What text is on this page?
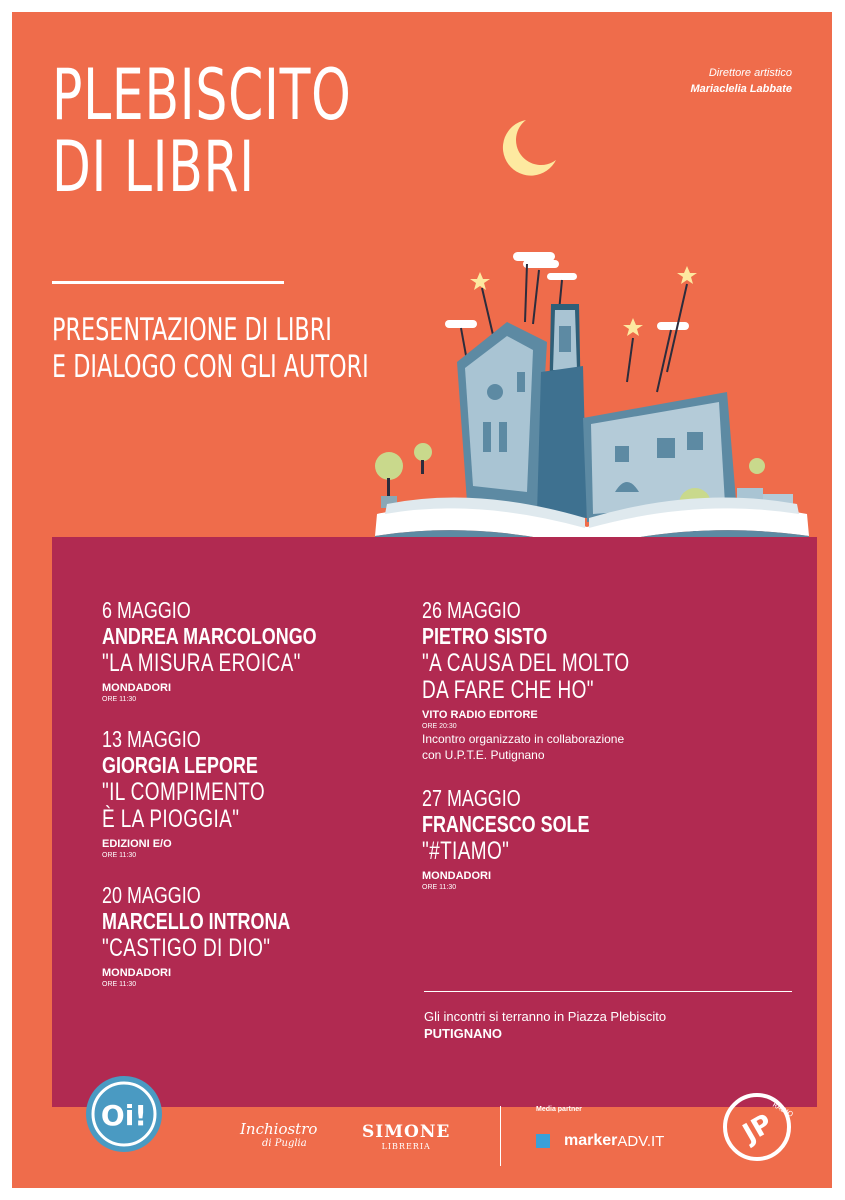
PLEBISCITO
DI LIBRI
PRESENTAZIONE DI LIBRI
E DIALOGO CON GLI AUTORI
Direttore artistico
Mariaclelia Labbate
6 MAGGIO
ANDREA MARCOLONGO
"LA MISURA EROICA"
MONDADORI
ORE 11:30
13 MAGGIO
GIORGIA LEPORE
"IL COMPIMENTO
È LA PIOGGIA"
EDIZIONI E/O
ORE 11:30
20 MAGGIO
MARCELLO INTRONA
"CASTIGO DI DIO"
MONDADORI
ORE 11:30
26 MAGGIO
PIETRO SISTO
"A CAUSA DEL MOLTO
DA FARE CHE HO"
VITO RADIO EDITORE
ORE 20:30
Incontro organizzato in collaborazione
con U.P.T.E. Putignano
27 MAGGIO
FRANCESCO SOLE
"#TIAMO"
MONDADORI
ORE 11:30
Gli incontri si terranno in Piazza Plebiscito
PUTIGNANO
Oi!	Inchiostro
di Puglia
SIMONE
LIBRERIA
Media partner
marker ADV.IT	JP
RADIO
